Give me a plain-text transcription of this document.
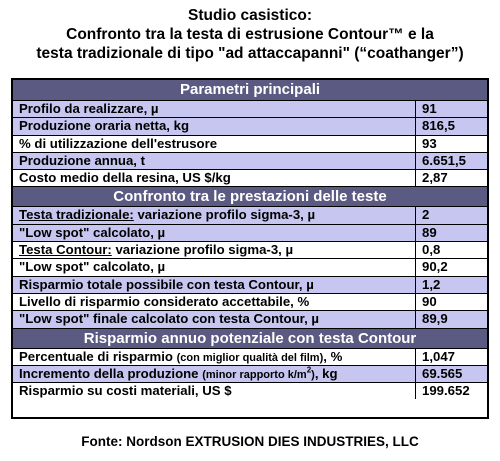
Studio casistico:
Confronto tra la testa di estrusione Contour™ e la
testa tradizionale di tipo "ad attaccapanni" (“coathanger”)
Parametri principali
Profilo da realizzare, µ	91
Produzione oraria netta, kg	816,5
% di utilizzazione dell'estrusore	93
Produzione annua, t	6.651,5
Costo medio della resina, US $/kg	2,87
Confronto tra le prestazioni delle teste
Testa tradizionale: variazione profilo sigma-3, µ	2
"Low spot" calcolato, µ	89
Testa Contour: variazione profilo sigma-3, µ	0,8
"Low spot" calcolato, µ	90,2
Risparmio totale possibile con testa Contour, µ	1,2
Livello di risparmio considerato accettabile, %	90
"Low spot" finale calcolato con testa Contour, µ	89,9
Risparmio annuo potenziale con testa Contour
Percentuale di risparmio (con miglior qualità del film), %	1,047
Incremento della produzione (minor rapporto $k/m^2$), kg	69.565
Risparmio su costi materiali, US $	199.652
Fonte: Nordson EXTRUSION DIES INDUSTRIES, LLC
